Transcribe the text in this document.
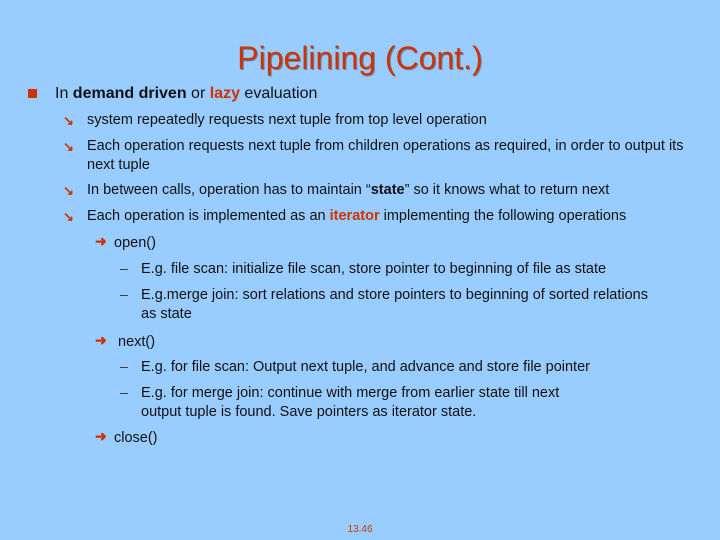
Pipelining (Cont.)
In demand driven or lazy evaluation
↘ system repeatedly requests next tuple from top level operation
↘ Each operation requests next tuple from children operations as required, in order to output its next tuple
↘ In between calls, operation has to maintain “state” so it knows what to return next
↘ Each operation is implemented as an iterator implementing the following operations
➜ open()
– E.g. file scan: initialize file scan, store pointer to beginning of file as state
– E.g.merge join: sort relations and store pointers to beginning of sorted relations as state
➜ next()
– E.g. for file scan: Output next tuple, and advance and store file pointer
– E.g. for merge join: continue with merge from earlier state till next output tuple is found. Save pointers as iterator state.
➜ close()
13.46
